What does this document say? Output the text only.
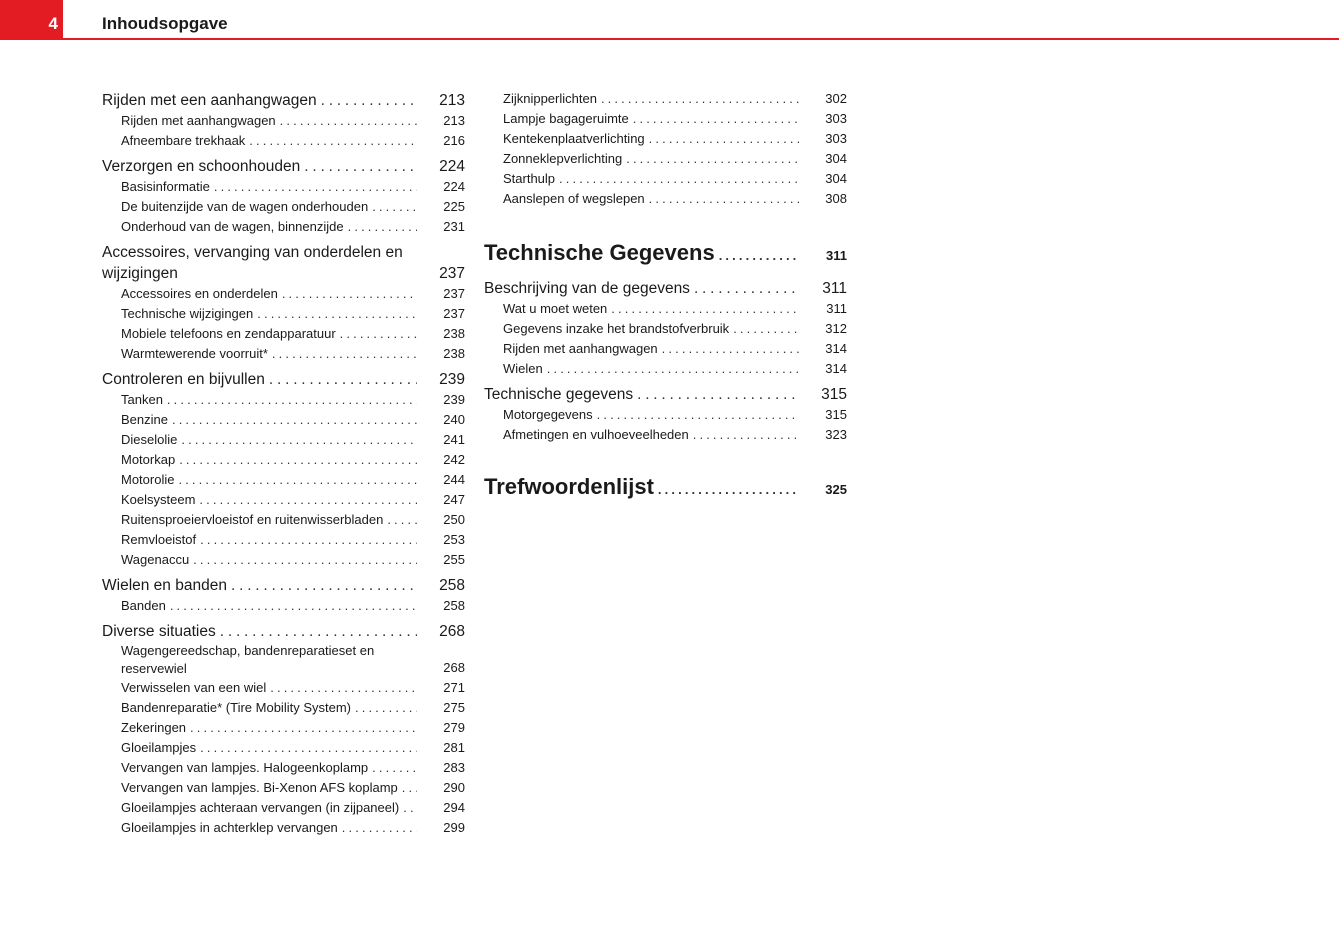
4	Inhoudsopgave
Rijden met een aanhangwagen . . .	213
Rijden met aanhangwagen . . .	213
Afneembare trekhaak . . .	216
Verzorgen en schoonhouden . . .	224
Basisinformatie . . .	224
De buitenzijde van de wagen onderhouden . . .	225
Onderhoud van de wagen, binnenzijde . . .	231
Accessoires, vervanging van onderdelen en wijzigingen	237
Accessoires en onderdelen . . .	237
Technische wijzigingen . . .	237
Mobiele telefoons en zendapparatuur . . .	238
Warmtewerende voorruit* . . .	238
Controleren en bijvullen . . .	239
Tanken . . .	239
Benzine . . .	240
Dieselolie . . .	241
Motorkap . . .	242
Motorolie . . .	244
Koelsysteem . . .	247
Ruitensproeiervloeistof en ruitenwisserbladen . . .	250
Remvloeistof . . .	253
Wagenaccu . . .	255
Wielen en banden . . .	258
Banden . . .	258
Diverse situaties . . .	268
Wagengereedschap, bandenreparatieset en reservewiel	268
Verwisselen van een wiel . . .	271
Bandenreparatie* (Tire Mobility System) . . .	275
Zekeringen . . .	279
Gloeilampjes . . .	281
Vervangen van lampjes. Halogeenkoplamp . . .	283
Vervangen van lampjes. Bi-Xenon AFS koplamp . . .	290
Gloeilampjes achteraan vervangen (in zijpaneel) . . .	294
Gloeilampjes in achterklep vervangen . . .	299
Zijknipperlichten . . .	302
Lampje bagageruimte . . .	303
Kentekenplaatverlichting . . .	303
Zonneklepverlichting . . .	304
Starthulp . . .	304
Aanslepen of wegslepen . . .	308
Technische Gegevens . . .	311
Beschrijving van de gegevens . . .	311
Wat u moet weten . . .	311
Gegevens inzake het brandstofverbruik . . .	312
Rijden met aanhangwagen . . .	314
Wielen . . .	314
Technische gegevens . . .	315
Motorgegevens . . .	315
Afmetingen en vulhoeveelheden . . .	323
Trefwoordenlijst . . .	325
